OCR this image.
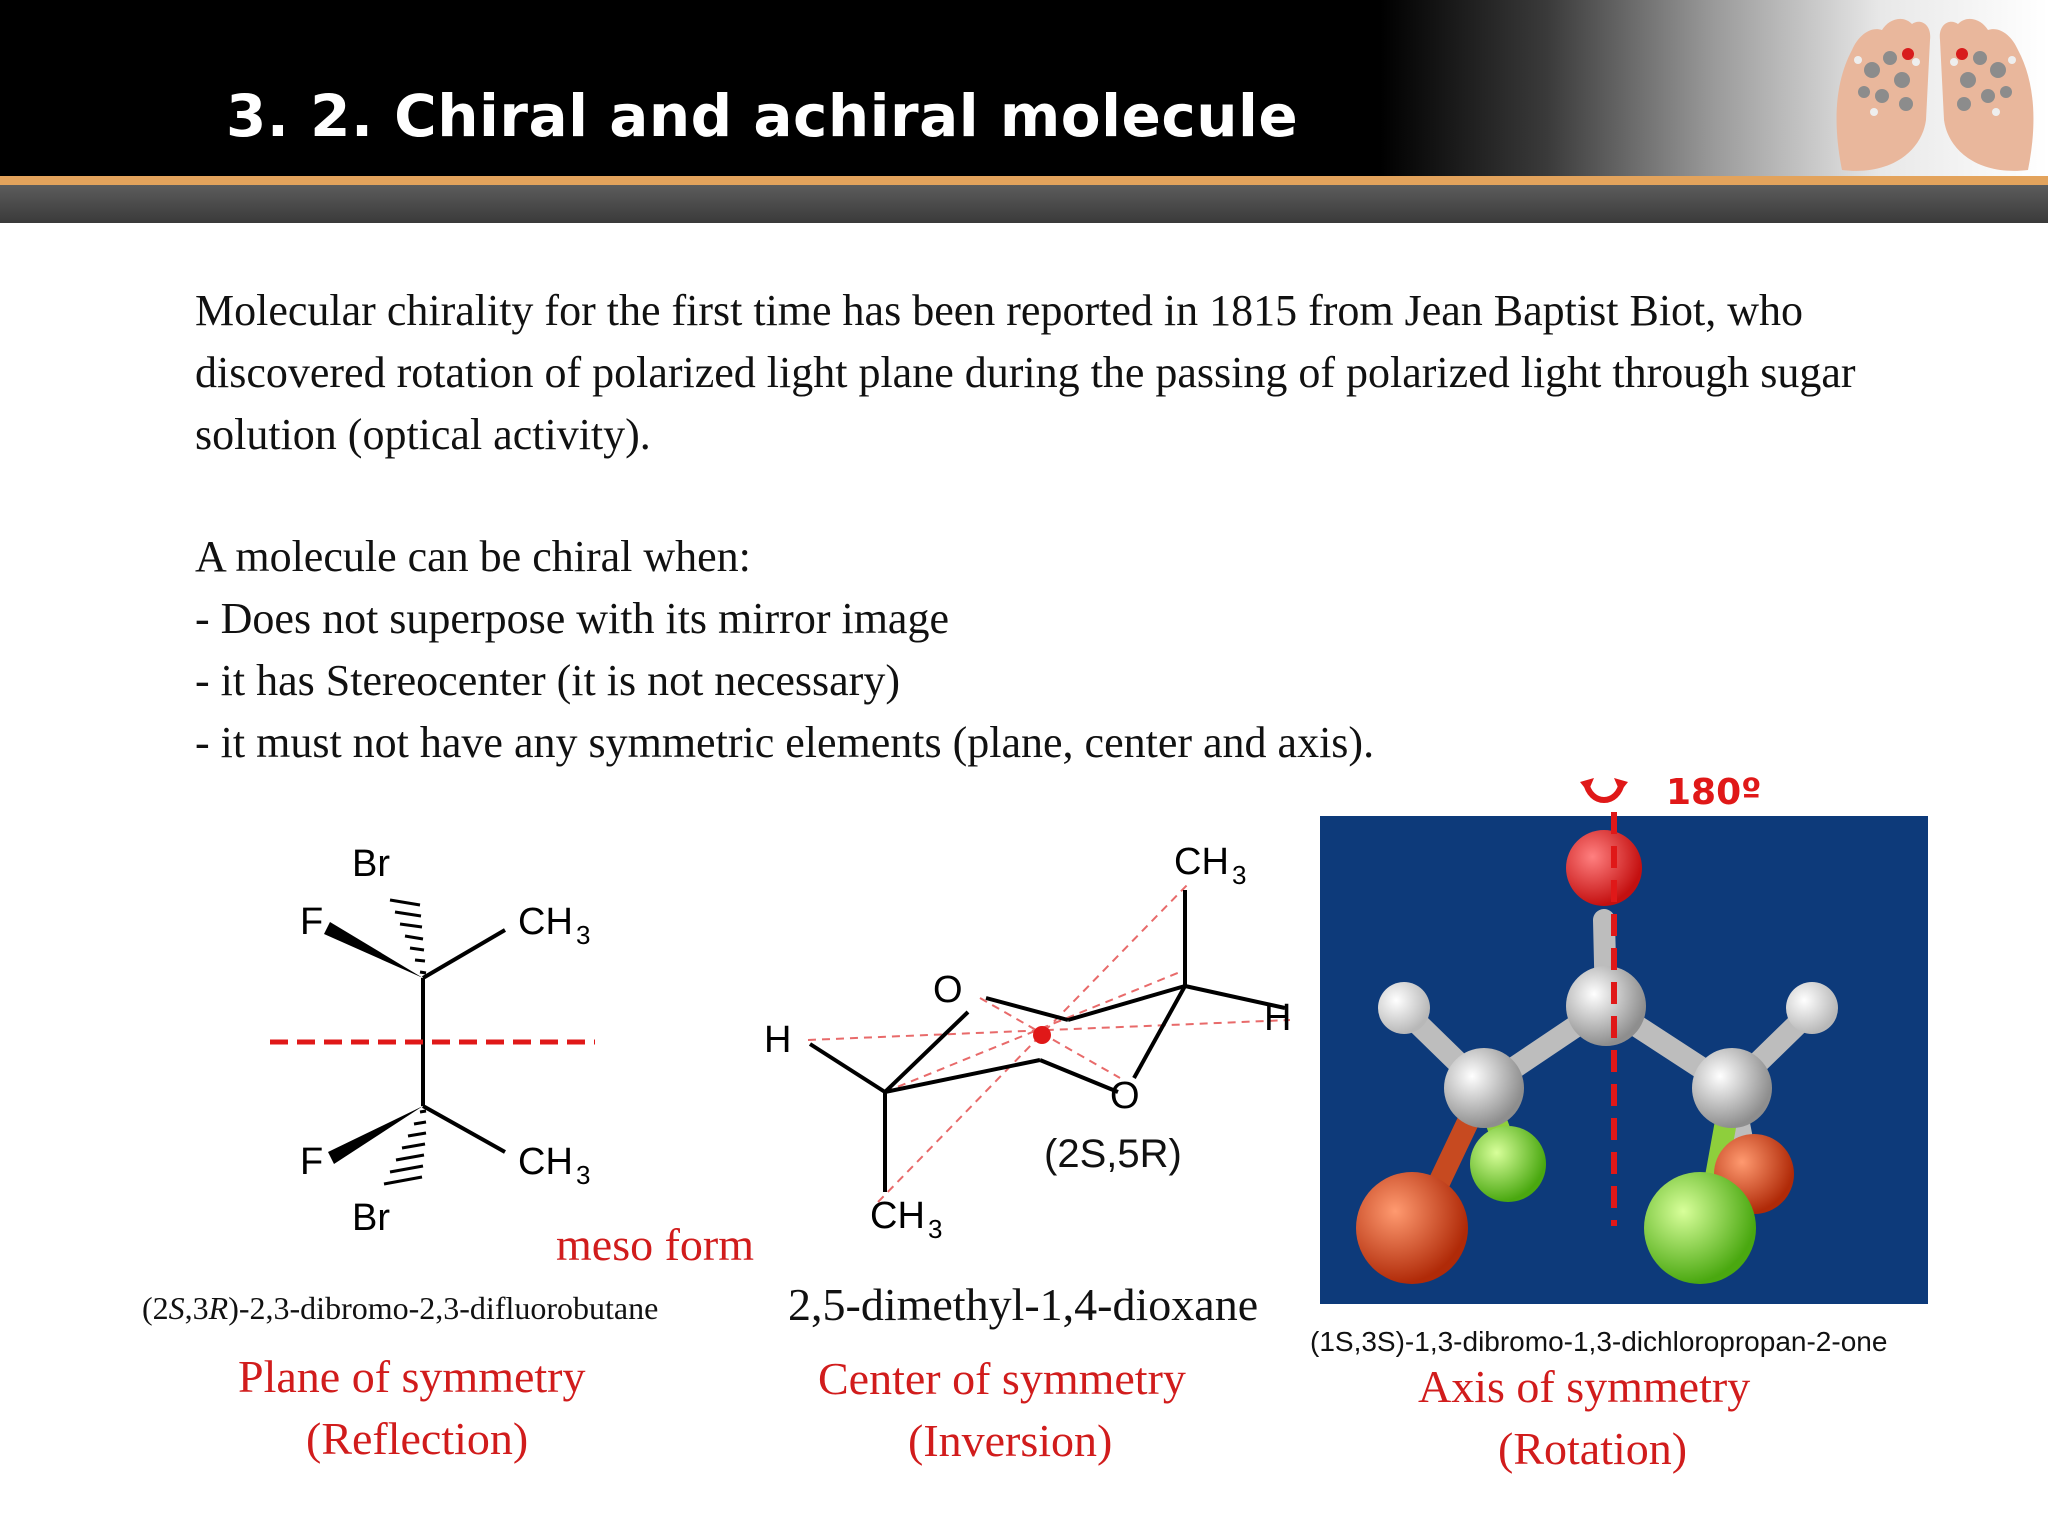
3. 2. Chiral and achiral molecule

Molecular chirality for the first time has been reported in 1815 from Jean Baptist Biot, who discovered rotation of polarized light plane during the passing of polarized light through sugar solution (optical activity).

A molecule can be chiral when:
- Does not superpose with its mirror image
- it has Stereocenter (it is not necessary)
- it must not have any symmetric elements (plane, center and axis).
Br
F	CH 3
F	CH 3
Br
meso form
(2S,3R)-2,3-dibromo-2,3-difluorobutane
Plane of symmetry
(Reflection)
CH 3
O
H
H
O
CH 3
(2S,5R)
2,5-dimethyl-1,4-dioxane
Center of symmetry
(Inversion)
180º
(1S,3S)-1,3-dibromo-1,3-dichloropropan-2-one
Axis of symmetry
(Rotation)
